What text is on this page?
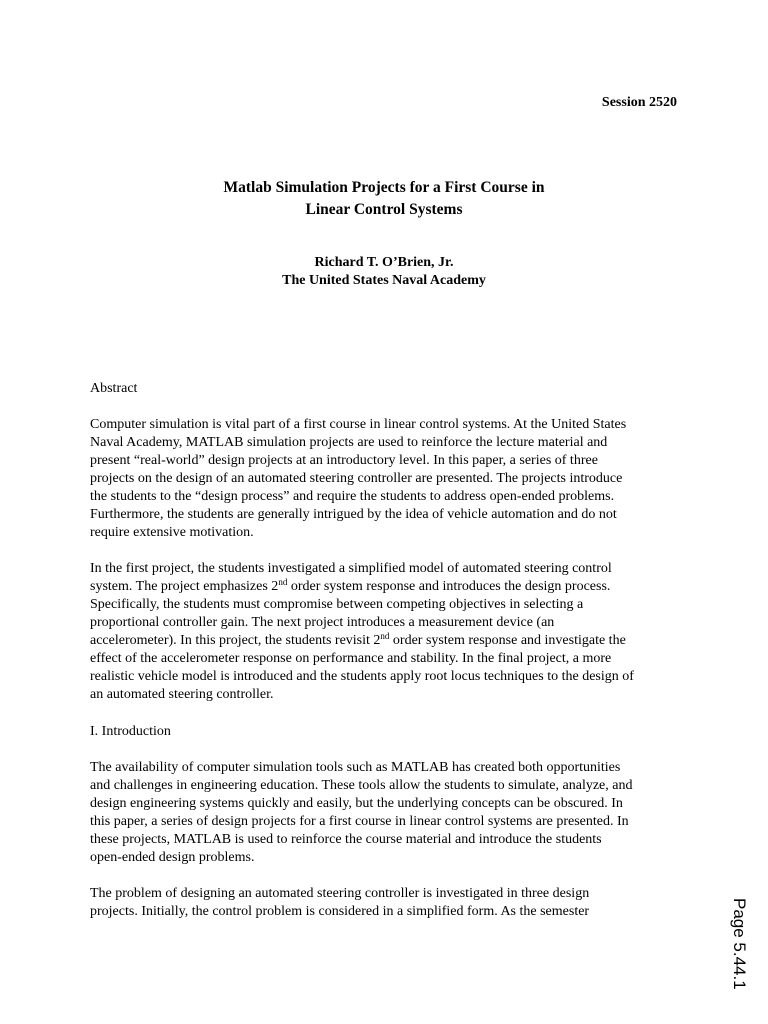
Session 2520
Matlab Simulation Projects for a First Course in
Linear Control Systems
Richard T. O’Brien, Jr.
The United States Naval Academy
Abstract
Computer simulation is vital part of a first course in linear control systems. At the United States
Naval Academy, MATLAB simulation projects are used to reinforce the lecture material and
present “real-world” design projects at an introductory level. In this paper, a series of three
projects on the design of an automated steering controller are presented. The projects introduce
the students to the “design process” and require the students to address open-ended problems.
Furthermore, the students are generally intrigued by the idea of vehicle automation and do not
require extensive motivation.
In the first project, the students investigated a simplified model of automated steering control
system. The project emphasizes 2nd order system response and introduces the design process.
Specifically, the students must compromise between competing objectives in selecting a
proportional controller gain. The next project introduces a measurement device (an
accelerometer). In this project, the students revisit 2nd order system response and investigate the
effect of the accelerometer response on performance and stability. In the final project, a more
realistic vehicle model is introduced and the students apply root locus techniques to the design of
an automated steering controller.
I. Introduction
The availability of computer simulation tools such as MATLAB has created both opportunities
and challenges in engineering education. These tools allow the students to simulate, analyze, and
design engineering systems quickly and easily, but the underlying concepts can be obscured. In
this paper, a series of design projects for a first course in linear control systems are presented. In
these projects, MATLAB is used to reinforce the course material and introduce the students
open-ended design problems.
The problem of designing an automated steering controller is investigated in three design
projects. Initially, the control problem is considered in a simplified form. As the semester	Page 5.44.1
